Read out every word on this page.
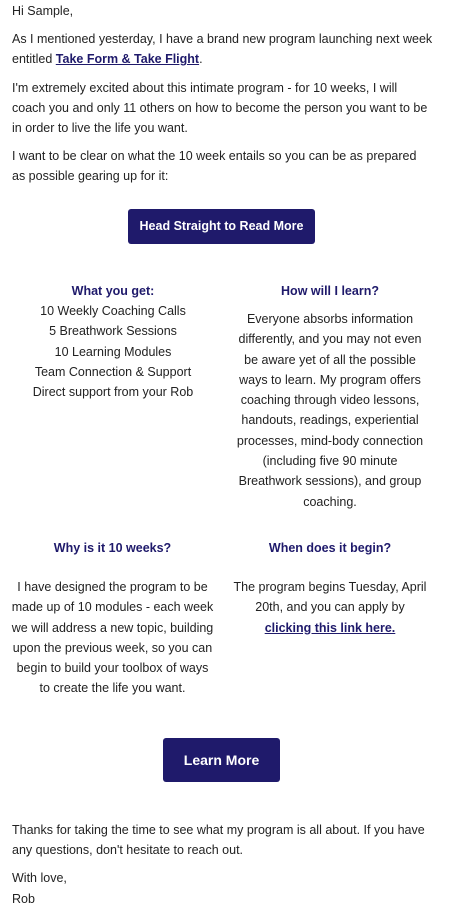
Hi Sample,

As I mentioned yesterday, I have a brand new program launching next week entitled Take Form & Take Flight.

I'm extremely excited about this intimate program - for 10 weeks, I will coach you and only 11 others on how to become the person you want to be in order to live the life you want.

I want to be clear on what the 10 week entails so you can be as prepared as possible gearing up for it:

Head Straight to Read More
What you get:
10 Weekly Coaching Calls
5 Breathwork Sessions
10 Learning Modules
Team Connection & Support
Direct support from your Rob
How will I learn?
Everyone absorbs information differently, and you may not even be aware yet of all the possible ways to learn. My program offers coaching through video lessons, handouts, readings, experiential processes, mind-body connection (including five 90 minute Breathwork sessions), and group coaching.
Why is it 10 weeks?
I have designed the program to be made up of 10 modules - each week we will address a new topic, building upon the previous week, so you can begin to build your toolbox of ways to create the life you want.
When does it begin?
The program begins Tuesday, April 20th, and you can apply by clicking this link here.
Learn More

Thanks for taking the time to see what my program is all about. If you have any questions, don't hesitate to reach out.

With love,

Rob
